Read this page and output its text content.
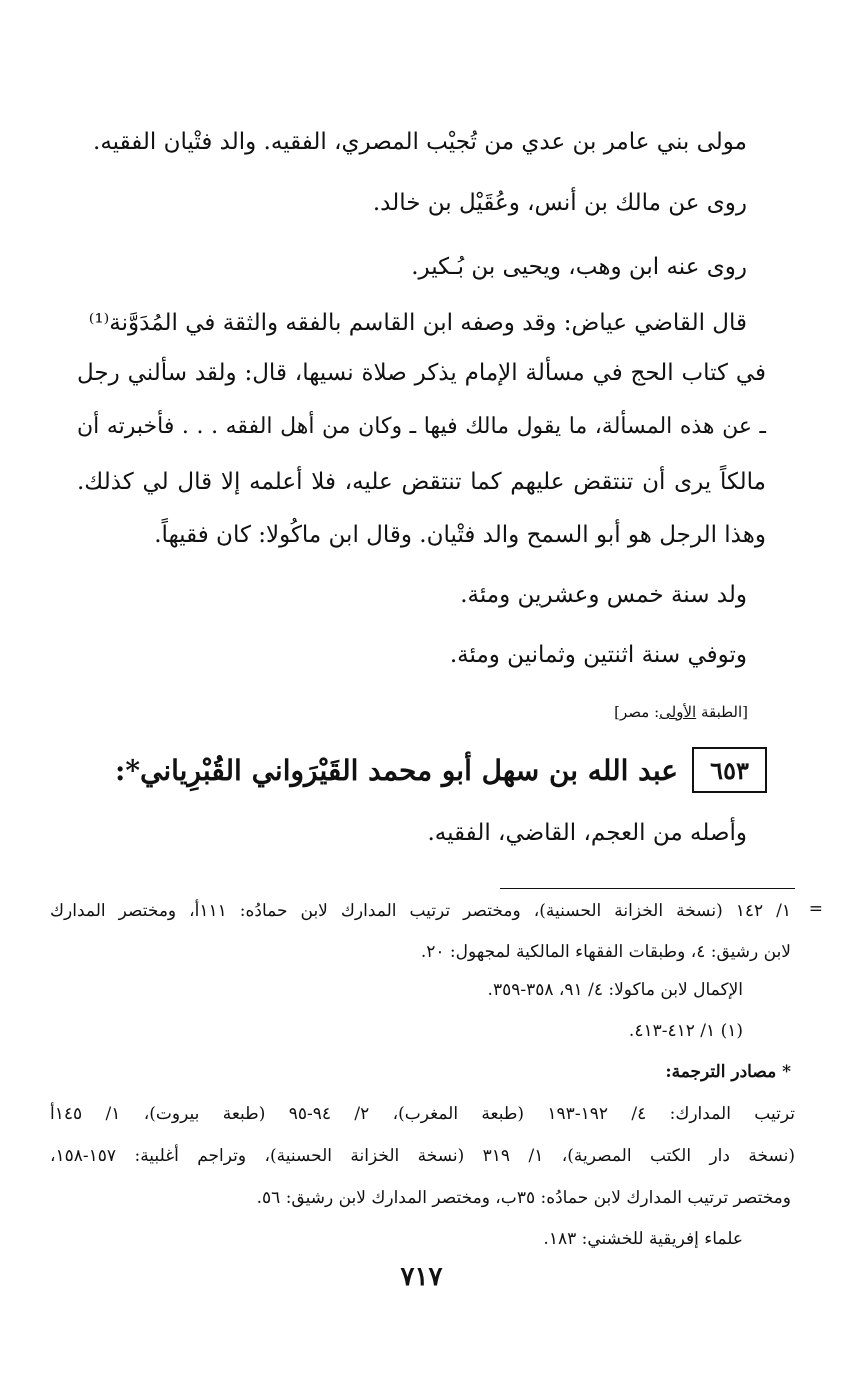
مولى بني عامر بن عدي من تُجيْب المصري، الفقيه. والد فتْيان الفقيه.
روى عن مالك بن أنس، وعُقَيْل بن خالد.
روى عنه ابن وهب، ويحيى بن بُـكير.
قال القاضي عياض: وقد وصفه ابن القاسم بالفقه والثقة في المُدَوَّنة⁽¹⁾
في كتاب الحج في مسألة الإمام يذكر صلاة نسيها، قال: ولقد سألني رجل
ـ عن هذه المسألة، ما يقول مالك فيها ـ وكان من أهل الفقه . . . فأخبرته أن
مالكاً يرى أن تنتقض عليهم كما تنتقض عليه، فلا أعلمه إلا قال لي كذلك.
وهذا الرجل هو أبو السمح والد فتْيان. وقال ابن ماكُولا: كان فقيهاً.
ولد سنة خمس وعشرين ومئة.
وتوفي سنة اثنتين وثمانين ومئة.
[الطبقة الأولى: مصر]
٦٥٣
عبد الله بن سهل أبو محمد القَيْرَواني القُبْرِياني*:
وأصله من العجم، القاضي، الفقيه.
=
١/ ١٤٢ (نسخة الخزانة الحسنية)، ومختصر ترتيب المدارك لابن حمادُه: ١١١أ، ومختصر المدارك
لابن رشيق: ٤، وطبقات الفقهاء المالكية لمجهول: ٢٠.
الإكمال لابن ماكولا: ٤/ ٩١، ٣٥٨-٣٥٩.
(١) ١/ ٤١٢-٤١٣.
* مصادر الترجمة:
ترتيب المدارك: ٤/ ١٩٢-١٩٣ (طبعة المغرب)، ٢/ ٩٤-٩٥ (طبعة بيروت)، ١/ ١٤٥أ
(نسخة دار الكتب المصرية)، ١/ ٣١٩ (نسخة الخزانة الحسنية)، وتراجم أغلبية: ١٥٧-١٥٨،
ومختصر ترتيب المدارك لابن حمادُه: ٣٥ب، ومختصر المدارك لابن رشيق: ٥٦.
علماء إفريقية للخشني: ١٨٣.
٧١٧
